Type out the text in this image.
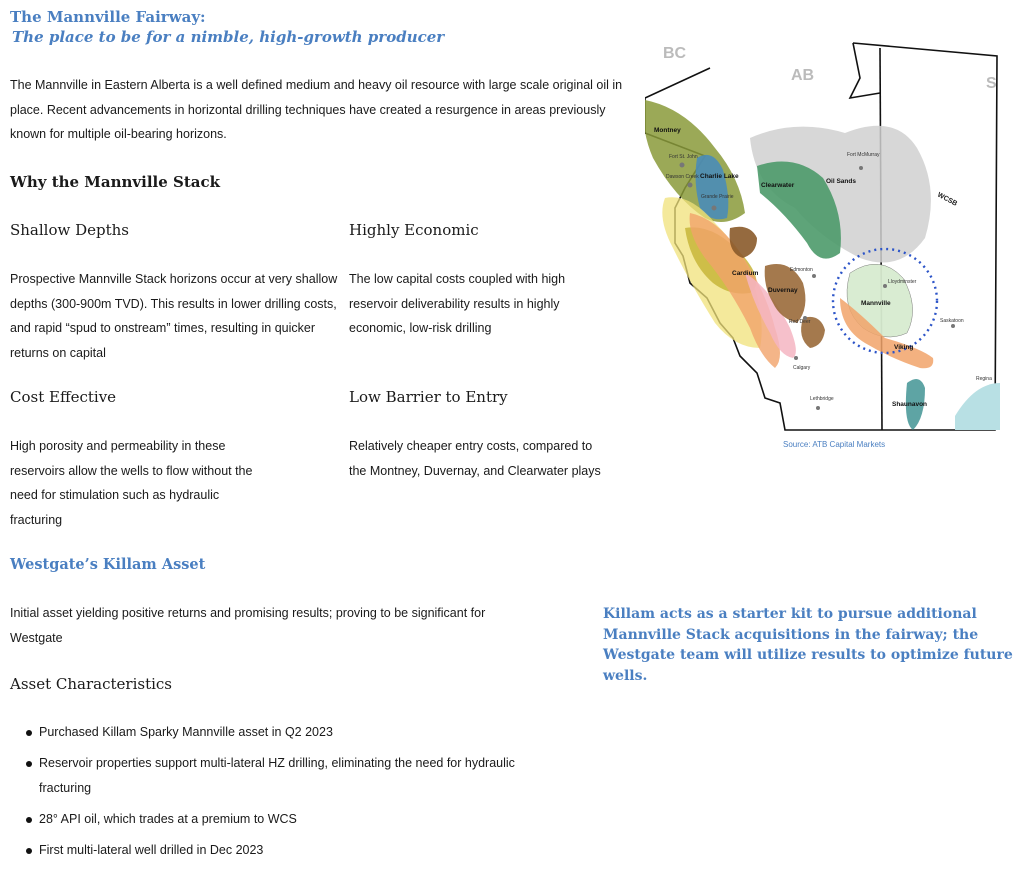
The Mannville Fairway:
The place to be for a nimble, high-growth producer
The Mannville in Eastern Alberta is a well defined medium and heavy oil resource with large scale original oil in place. Recent advancements in horizontal drilling techniques have created a resurgence in areas previously known for multiple oil-bearing horizons.
Why the Mannville Stack
Shallow Depths	Highly Economic
Prospective Mannville Stack horizons occur at very shallow depths (300-900m TVD). This results in lower drilling costs, and rapid “spud to onstream” times, resulting in quicker returns on capital
The low capital costs coupled with high reservoir deliverability results in highly economic, low-risk drilling
Cost Effective	Low Barrier to Entry
High porosity and permeability in these reservoirs allow the wells to flow without the need for stimulation such as hydraulic fracturing
Relatively cheaper entry costs, compared to the Montney, Duvernay, and Clearwater plays
Westgate’s Killam Asset
Initial asset yielding positive returns and promising results; proving to be significant for Westgate
Asset Characteristics
Purchased Killam Sparky Mannville asset in Q2 2023
Reservoir properties support multi-lateral HZ drilling, eliminating the need for hydraulic fracturing
28° API oil, which trades at a premium to WCS
First multi-lateral well drilled in Dec 2023
Killam acts as a starter kit to pursue additional Mannville Stack acquisitions in the fairway; the Westgate team will utilize results to optimize future wells.
BC
AB	S
WCSB
Montney
Charlie Lake
Clearwater
Oil Sands
Cardium
Duvernay
Mannville
Viking
Shaunavon
Fort St. John
Dawson Creek
Grande Prairie
Fort McMurray
Edmonton
Lloydminster
Red Deer	Saskatoon
Calgary
Lethbridge
Regina
Source: ATB Capital Markets
